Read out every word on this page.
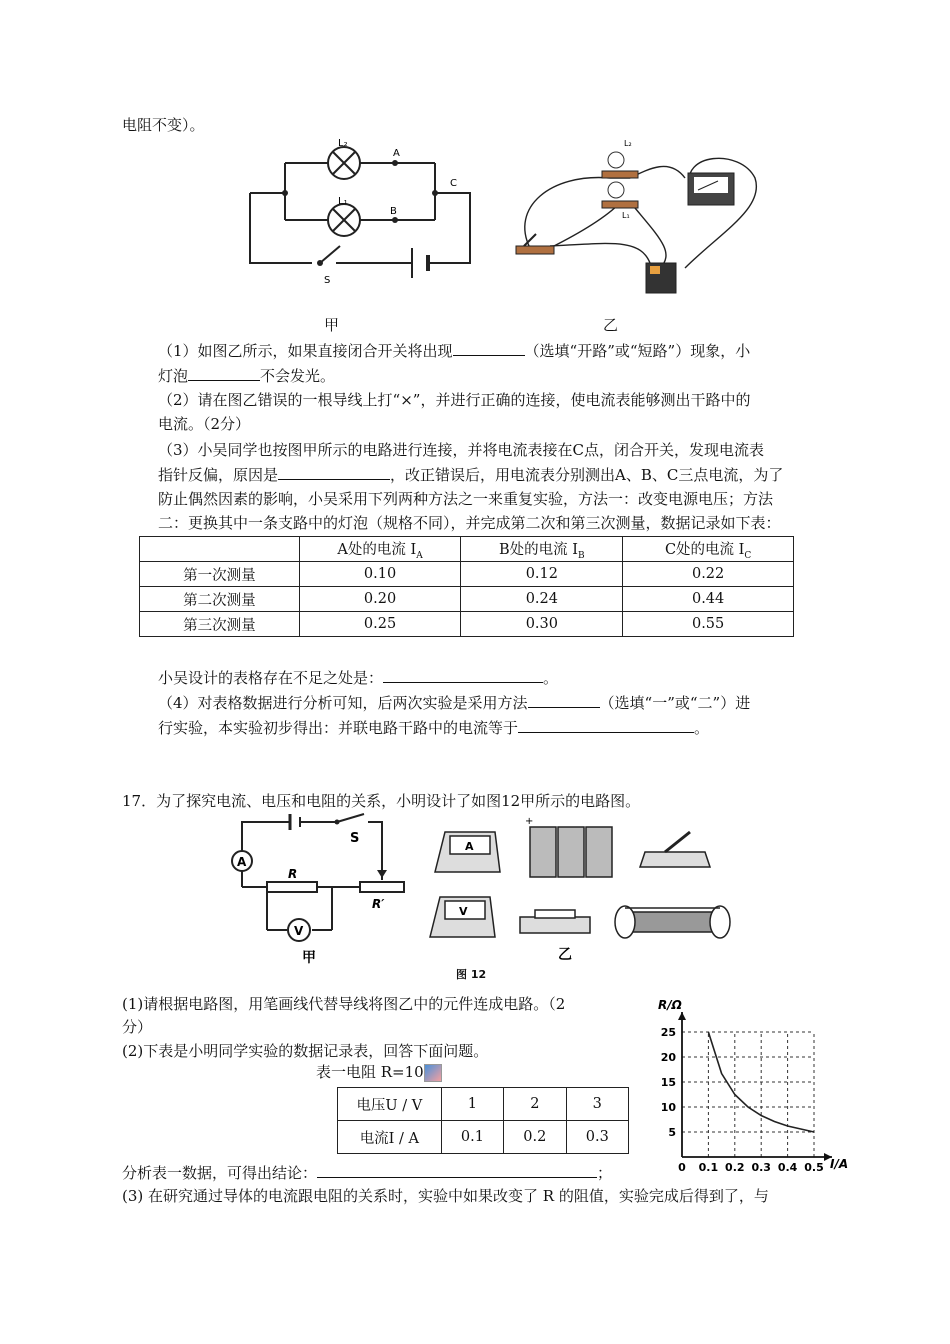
电阻不变）。
L₂
L₁
A
B
C
S
L₂
L₁
甲	乙
（1）如图乙所示，如果直接闭合开关将出现	（选填“开路”或“短路”）现象，小
灯泡	不会发光。
（2）请在图乙错误的一根导线上打“×”，并进行正确的连接，使电流表能够测出干路中的
电流。（2分）
（3）小吴同学也按图甲所示的电路进行连接，并将电流表接在C点，闭合开关，发现电流表
指针反偏，原因是	，改正错误后，用电流表分别测出A、B、C三点电流，为了
防止偶然因素的影响，小吴采用下列两种方法之一来重复实验，方法一：改变电源电压；方法
二：更换其中一条支路中的灯泡（规格不同），并完成第二次和第三次测量，数据记录如下表：
	A处的电流 $I_A$	B处的电流 $I_B$	C处的电流 $I_C$
第一次测量	0.10	0.12	0.22
第二次测量	0.20	0.24	0.44
第三次测量	0.25	0.30	0.55
小吴设计的表格存在不足之处是：	。
（4）对表格数据进行分析可知，后两次实验是采用方法	（选填“一”或“二”）进
行实验，本实验初步得出：并联电路干路中的电流等于	。
17．为了探究电流、电压和电阻的关系，小明设计了如图12甲所示的电路图。
A
S
R
R′
V
甲
A
V
+
乙
图 12
(1)请根据电路图，用笔画线代替导线将图乙中的元件连成电路。（2
分）
(2)下表是小明同学实验的数据记录表，回答下面问题。
表一电阻 R=10
电压U / V	1	2	3
电流I / A	0.1	0.2	0.3
分析表一数据，可得出结论：	；
(3) 在研究通过导体的电流跟电阻的关系时，实验中如果改变了 R 的阻值，实验完成后得到了，与
0 0.1 0.2 0.3 0.4 0.5
5
10
15
20
25
R/Ω
I/A
